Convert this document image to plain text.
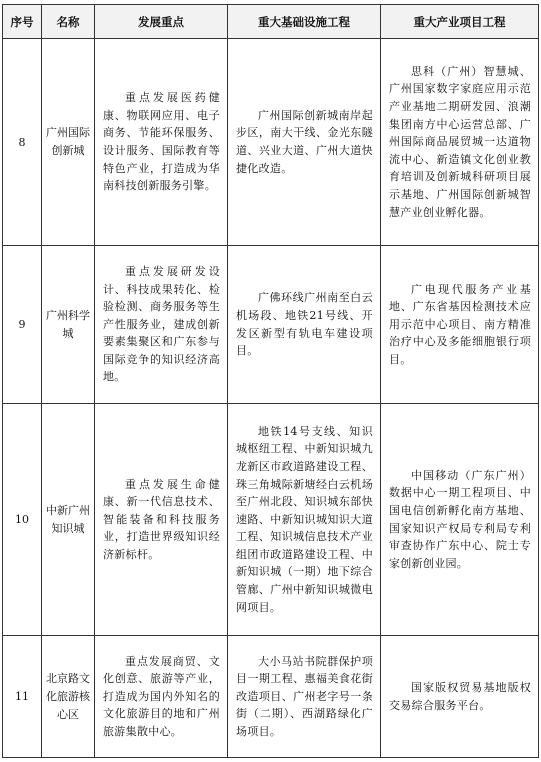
序号	名称	发展重点	重大基础设施工程	重大产业项目工程
8	广州国际创新城	重点发展医药健康、物联网应用、电子商务、节能环保服务、设计服务、国际教育等特色产业，打造成为华南科技创新服务引擎。	广州国际创新城南岸起步区，南大干线、金光东隧道、兴业大道、广州大道快捷化改造。	思科（广州）智慧城、广州国家数字家庭应用示范产业基地二期研发园、浪潮集团南方中心运营总部、广州国际商品展贸城一达道物流中心、新造镇文化创业教育培训及创新城科研项目展示基地、广州国际创新城智慧产业创业孵化器。
9	广州科学城	重点发展研发设计、科技成果转化、检验检测、商务服务等生产性服务业，建成创新要素集聚区和广东参与国际竞争的知识经济高地。	广佛环线广州南至白云机场段、地铁21号线、开发区新型有轨电车建设项目。	广电现代服务产业基地、广东省基因检测技术应用示范中心项目、南方精准治疗中心及多能细胞银行项目。
10	中新广州知识城	重点发展生命健康、新一代信息技术、智能装备和科技服务业，打造世界级知识经济新标杆。	地铁14号支线、知识城枢纽工程、中新知识城九龙新区市政道路建设工程、珠三角城际新塘经白云机场至广州北段、知识城东部快速路、中新知识城知识大道工程、知识城信息技术产业组团市政道路建设工程、中新知识城（一期）地下综合管廊、广州中新知识城微电网项目。	中国移动（广东广州）数据中心一期工程项目、中国电信创新孵化南方基地、国家知识产权局专利局专利审查协作广东中心、院士专家创新创业园。
11	北京路文化旅游核心区	重点发展商贸、文化创意、旅游等产业，打造成为国内外知名的文化旅游目的地和广州旅游集散中心。	大小马站书院群保护项目一期工程、惠福美食花街改造项目、广州老字号一条街（二期）、西湖路绿化广场项目。	国家版权贸易基地版权交易综合服务平台。
